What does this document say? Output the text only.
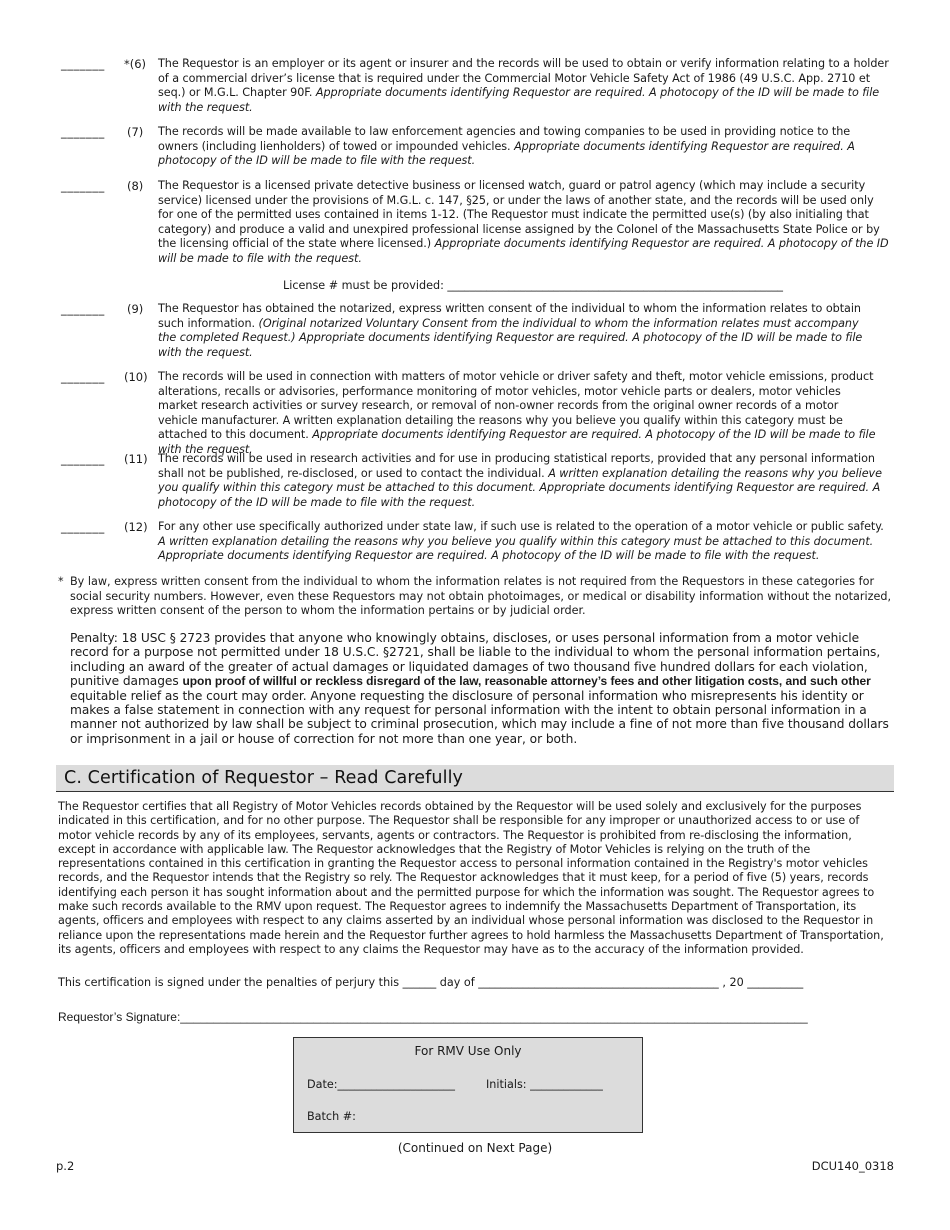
_______ *(6) The Requestor is an employer or its agent or insurer and the records will be used to obtain or verify information relating to a holder of a commercial driver’s license that is required under the Commercial Motor Vehicle Safety Act of 1986 (49 U.S.C. App. 2710 et seq.) or M.G.L. Chapter 90F. Appropriate documents identifying Requestor are required. A photocopy of the ID will be made to file with the request.
_______ (7) The records will be made available to law enforcement agencies and towing companies to be used in providing notice to the owners (including lienholders) of towed or impounded vehicles. Appropriate documents identifying Requestor are required. A photocopy of the ID will be made to file with the request.
_______ (8) The Requestor is a licensed private detective business or licensed watch, guard or patrol agency (which may include a security service) licensed under the provisions of M.G.L. c. 147, §25, or under the laws of another state, and the records will be used only for one of the permitted uses contained in items 1-12. (The Requestor must indicate the permitted use(s) (by also initialing that category) and produce a valid and unexpired professional license assigned by the Colonel of the Massachusetts State Police or by the licensing official of the state where licensed.) Appropriate documents identifying Requestor are required. A photocopy of the ID will be made to file with the request.
License # must be provided: ____________________________________________________________
_______ (9) The Requestor has obtained the notarized, express written consent of the individual to whom the information relates to obtain such information. (Original notarized Voluntary Consent from the individual to whom the information relates must accompany the completed Request.) Appropriate documents identifying Requestor are required. A photocopy of the ID will be made to file with the request.
_______ (10) The records will be used in connection with matters of motor vehicle or driver safety and theft, motor vehicle emissions, product alterations, recalls or advisories, performance monitoring of motor vehicles, motor vehicle parts or dealers, motor vehicles market research activities or survey research, or removal of non-owner records from the original owner records of a motor vehicle manufacturer. A written explanation detailing the reasons why you believe you qualify within this category must be attached to this document. Appropriate documents identifying Requestor are required. A photocopy of the ID will be made to file with the request.
_______ (11) The records will be used in research activities and for use in producing statistical reports, provided that any personal information shall not be published, re-disclosed, or used to contact the individual. A written explanation detailing the reasons why you believe you qualify within this category must be attached to this document. Appropriate documents identifying Requestor are required. A photocopy of the ID will be made to file with the request.
_______ (12) For any other use specifically authorized under state law, if such use is related to the operation of a motor vehicle or public safety. A written explanation detailing the reasons why you believe you qualify within this category must be attached to this document. Appropriate documents identifying Requestor are required. A photocopy of the ID will be made to file with the request.
* By law, express written consent from the individual to whom the information relates is not required from the Requestors in these categories for social security numbers. However, even these Requestors may not obtain photoimages, or medical or disability information without the notarized, express written consent of the person to whom the information pertains or by judicial order.
Penalty: 18 USC § 2723 provides that anyone who knowingly obtains, discloses, or uses personal information from a motor vehicle record for a purpose not permitted under 18 U.S.C. §2721, shall be liable to the individual to whom the personal information pertains, including an award of the greater of actual damages or liquidated damages of two thousand five hundred dollars for each violation, punitive damages upon proof of willful or reckless disregard of the law, reasonable attorney’s fees and other litigation costs, and such other equitable relief as the court may order. Anyone requesting the disclosure of personal information who misrepresents his identity or makes a false statement in connection with any request for personal information with the intent to obtain personal information in a manner not authorized by law shall be subject to criminal prosecution, which may include a fine of not more than five thousand dollars or imprisonment in a jail or house of correction for not more than one year, or both.
C. Certification of Requestor – Read Carefully
The Requestor certifies that all Registry of Motor Vehicles records obtained by the Requestor will be used solely and exclusively for the purposes indicated in this certification, and for no other purpose. The Requestor shall be responsible for any improper or unauthorized access to or use of motor vehicle records by any of its employees, servants, agents or contractors. The Requestor is prohibited from re-disclosing the information, except in accordance with applicable law. The Requestor acknowledges that the Registry of Motor Vehicles is relying on the truth of the representations contained in this certification in granting the Requestor access to personal information contained in the Registry's motor vehicles records, and the Requestor intends that the Registry so rely. The Requestor acknowledges that it must keep, for a period of five (5) years, records identifying each person it has sought information about and the permitted purpose for which the information was sought. The Requestor agrees to make such records available to the RMV upon request. The Requestor agrees to indemnify the Massachusetts Department of Transportation, its agents, officers and employees with respect to any claims asserted by an individual whose personal information was disclosed to the Requestor in reliance upon the representations made herein and the Requestor further agrees to hold harmless the Massachusetts Department of Transportation, its agents, officers and employees with respect to any claims the Requestor may have as to the accuracy of the information provided.
This certification is signed under the penalties of perjury this ______ day of ___________________________________________ , 20 __________
Requestor’s Signature:______________________________________________________________________________________________
For RMV Use Only
Date:_____________________	Initials: _____________
Batch #:
(Continued on Next Page)
p.2	DCU140_0318
